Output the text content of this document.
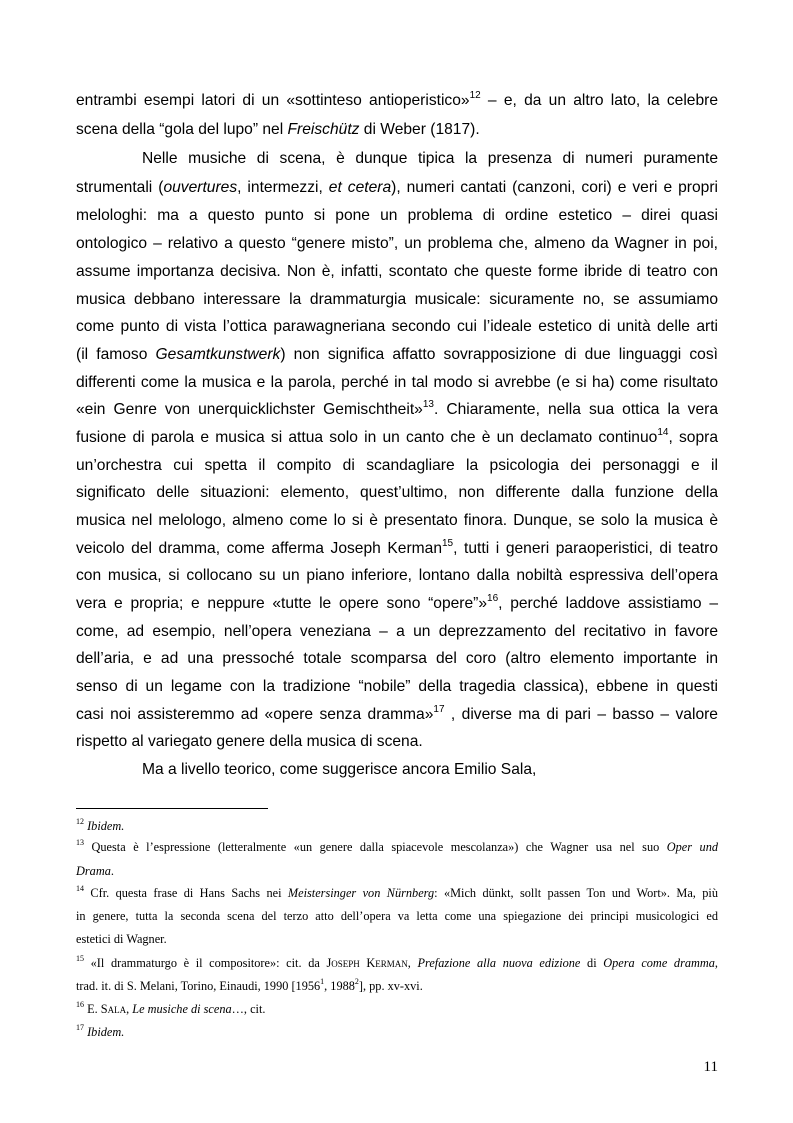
entrambi esempi latori di un «sottinteso antioperistico»$^{12}$ – e, da un altro lato, la celebre
scena della “gola del lupo” nel Freischütz di Weber (1817).
Nelle musiche di scena, è dunque tipica la presenza di numeri puramente
strumentali (ouvertures, intermezzi, et cetera), numeri cantati (canzoni, cori) e veri e propri
melologhi: ma a questo punto si pone un problema di ordine estetico – direi quasi
ontologico – relativo a questo “genere misto”, un problema che, almeno da Wagner in poi,
assume importanza decisiva. Non è, infatti, scontato che queste forme ibride di teatro con
musica debbano interessare la drammaturgia musicale: sicuramente no, se assumiamo
come punto di vista l’ottica parawagneriana secondo cui l’ideale estetico di unità delle arti
(il famoso Gesamtkunstwerk) non significa affatto sovrapposizione di due linguaggi così
differenti come la musica e la parola, perché in tal modo si avrebbe (e si ha) come risultato
«ein Genre von unerquicklichster Gemischtheit»$^{13}$. Chiaramente, nella sua ottica la vera
fusione di parola e musica si attua solo in un canto che è un declamato continuo$^{14}$, sopra
un’orchestra cui spetta il compito di scandagliare la psicologia dei personaggi e il
significato delle situazioni: elemento, quest’ultimo, non differente dalla funzione della
musica nel melologo, almeno come lo si è presentato finora. Dunque, se solo la musica è
veicolo del dramma, come afferma Joseph Kerman$^{15}$, tutti i generi paraoperistici, di teatro
con musica, si collocano su un piano inferiore, lontano dalla nobiltà espressiva dell’opera
vera e propria; e neppure «tutte le opere sono “opere”»$^{16}$, perché laddove assistiamo –
come, ad esempio, nell’opera veneziana – a un deprezzamento del recitativo in favore
dell’aria, e ad una pressoché totale scomparsa del coro (altro elemento importante in
senso di un legame con la tradizione “nobile” della tragedia classica), ebbene in questi
casi noi assisteremmo ad «opere senza dramma»$^{17}$ , diverse ma di pari – basso – valore
rispetto al variegato genere della musica di scena.
Ma a livello teorico, come suggerisce ancora Emilio Sala,
$^{12}$ Ibidem.
$^{13}$ Questa è l’espressione (letteralmente «un genere dalla spiacevole mescolanza») che Wagner usa nel suo Oper und
Drama.
$^{14}$ Cfr. questa frase di Hans Sachs nei Meistersinger von Nürnberg: «Mich dünkt, sollt passen Ton und Wort». Ma, più
in genere, tutta la seconda scena del terzo atto dell’opera va letta come una spiegazione dei principi musicologici ed
estetici di Wagner.
$^{15}$ «Il drammaturgo è il compositore»: cit. da Joseph Kerman, Prefazione alla nuova edizione di Opera come dramma,
trad. it. di S. Melani, Torino, Einaudi, 1990 [1956$^1$, 1988$^2$], pp. xv-xvi.
$^{16}$ E. Sala, Le musiche di scena…, cit.
$^{17}$ Ibidem.
11
